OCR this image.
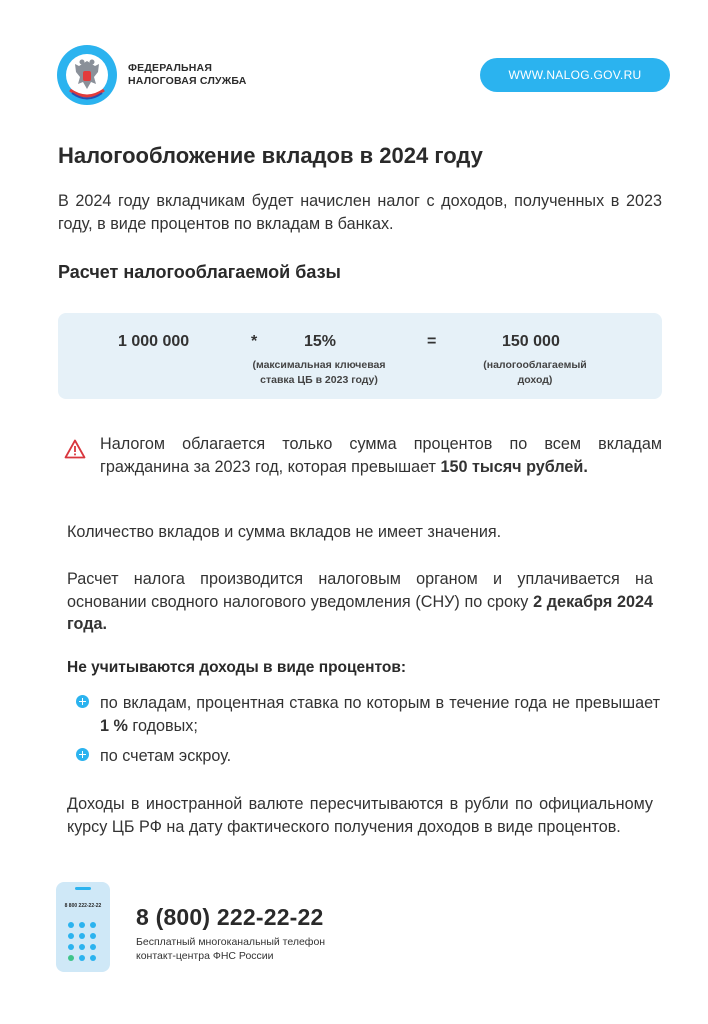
ФЕДЕРАЛЬНАЯ
НАЛОГОВАЯ СЛУЖБА	WWW.NALOG.GOV.RU
Налогообложение вкладов в 2024 году

В 2024 году вкладчикам будет начислен налог с доходов, полученных в 2023 году, в виде процентов по вкладам в банках.

Расчет налогооблагаемой базы
1 000 000	*	15%
(максимальная ключевая
ставка ЦБ в 2023 году)
=	150 000
(налогооблагаемый
доход)

Налогом облагается только сумма процентов по всем вкладам гражданина за 2023 год, которая превышает 150 тысяч рублей.

Количество вкладов и сумма вкладов не имеет значения.

Расчет налога производится налоговым органом и уплачивается на основании сводного налогового уведомления (СНУ) по сроку 2 декабря 2024 года.

Не учитываются доходы в виде процентов:
по вкладам, процентная ставка по которым в течение года не превышает 1 % годовых;
по счетам эскроу.

Доходы в иностранной валюте пересчитываются в рубли по официальному курсу ЦБ РФ на дату фактического получения доходов в виде процентов.

8 800 222-22-22	8 (800) 222-22-22
Бесплатный многоканальный телефон
контакт-центра ФНС России
